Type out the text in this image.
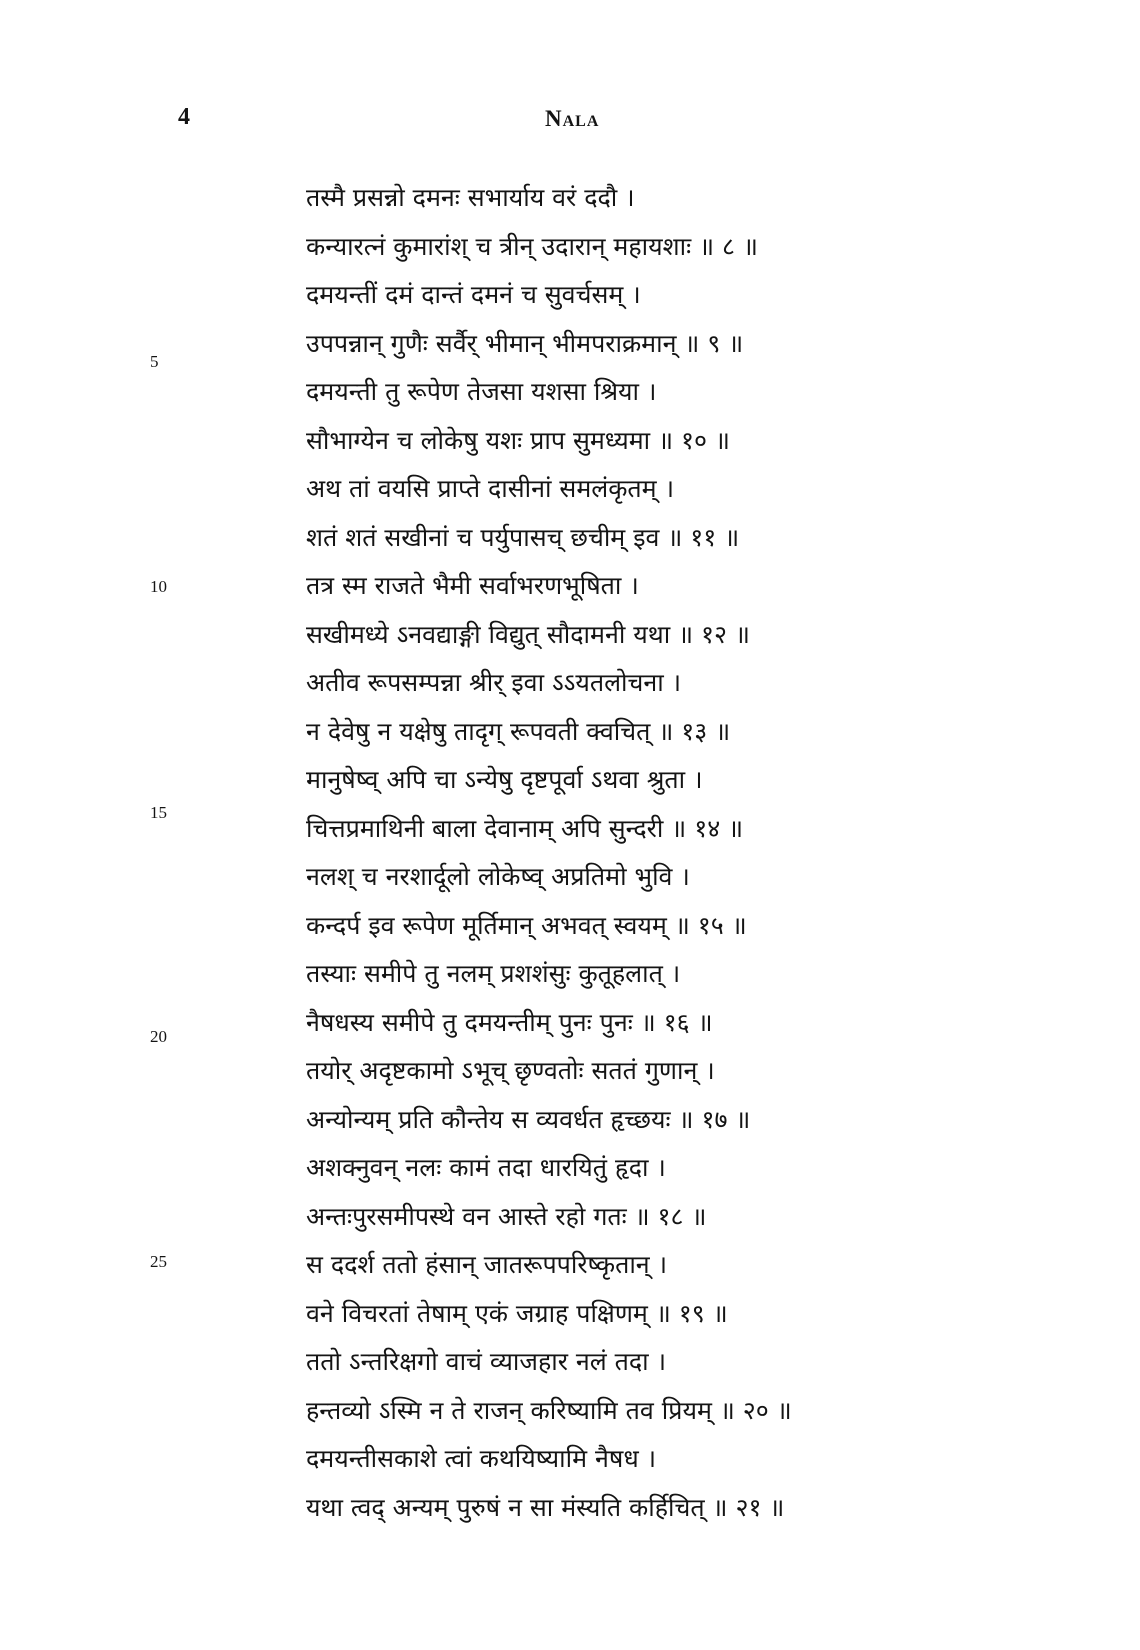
4	Nala
5
10
15
20
25
तस्मै प्रसन्नो दमनः सभार्याय वरं ददौ ।
कन्यारत्नं कुमारांश् च त्रीन् उदारान् महायशाः ॥ ८ ॥
दमयन्तीं दमं दान्तं दमनं च सुवर्चसम् ।
उपपन्नान् गुणैः सर्वैर् भीमान् भीमपराक्रमान् ॥ ९ ॥
दमयन्ती तु रूपेण तेजसा यशसा श्रिया ।
सौभाग्येन च लोकेषु यशः प्राप सुमध्यमा ॥ १० ॥
अथ तां वयसि प्राप्ते दासीनां समलंकृतम् ।
शतं शतं सखीनां च पर्युपासच् छचीम् इव ॥ ११ ॥
तत्र स्म राजते भैमी सर्वाभरणभूषिता ।
सखीमध्ये ऽनवद्याङ्गी विद्युत् सौदामनी यथा ॥ १२ ॥
अतीव रूपसम्पन्ना श्रीर् इवा ऽऽयतलोचना ।
न देवेषु न यक्षेषु तादृग् रूपवती क्वचित् ॥ १३ ॥
मानुषेष्व् अपि चा ऽन्येषु दृष्टपूर्वा ऽथवा श्रुता ।
चित्तप्रमाथिनी बाला देवानाम् अपि सुन्दरी ॥ १४ ॥
नलश् च नरशार्दूलो लोकेष्व् अप्रतिमो भुवि ।
कन्दर्प इव रूपेण मूर्तिमान् अभवत् स्वयम् ॥ १५ ॥
तस्याः समीपे तु नलम् प्रशशंसुः कुतूहलात् ।
नैषधस्य समीपे तु दमयन्तीम् पुनः पुनः ॥ १६ ॥
तयोर् अदृष्टकामो ऽभूच् छृण्वतोः सततं गुणान् ।
अन्योन्यम् प्रति कौन्तेय स व्यवर्धत हृच्छयः ॥ १७ ॥
अशक्नुवन् नलः कामं तदा धारयितुं हृदा ।
अन्तःपुरसमीपस्थे वन आस्ते रहो गतः ॥ १८ ॥
स ददर्श ततो हंसान् जातरूपपरिष्कृतान् ।
वने विचरतां तेषाम् एकं जग्राह पक्षिणम् ॥ १९ ॥
ततो ऽन्तरिक्षगो वाचं व्याजहार नलं तदा ।
हन्तव्यो ऽस्मि न ते राजन् करिष्यामि तव प्रियम् ॥ २० ॥
दमयन्तीसकाशे त्वां कथयिष्यामि नैषध ।
यथा त्वद् अन्यम् पुरुषं न सा मंस्यति कर्हिचित् ॥ २१ ॥
